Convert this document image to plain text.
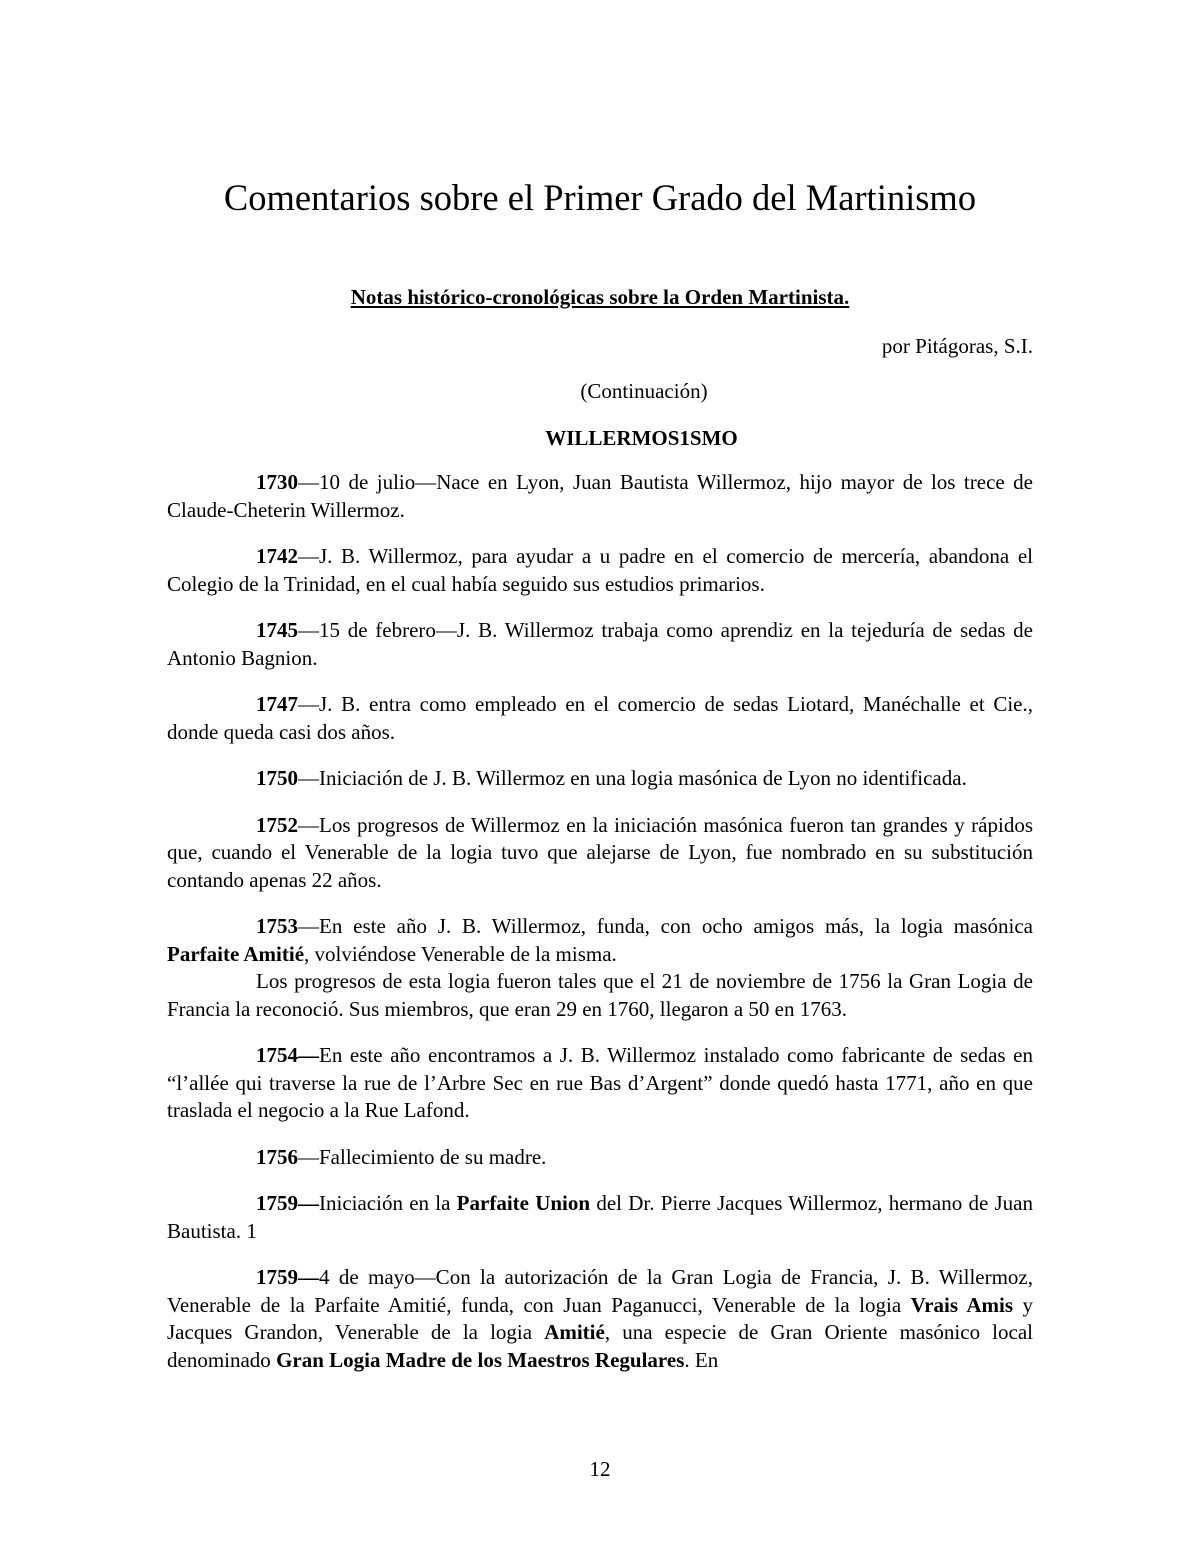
Comentarios sobre el Primer Grado del Martinismo
Notas histórico-cronológicas sobre la Orden Martinista.
por Pitágoras, S.I.
(Continuación)
WILLERMOS1SMO

1730—10 de julio—Nace en Lyon, Juan Bautista Willermoz, hijo mayor de los trece de Claude-Cheterin Willermoz.

1742—J. B. Willermoz, para ayudar a u padre en el comercio de mercería, abandona el Colegio de la Trinidad, en el cual había seguido sus estudios primarios.

1745—15 de febrero—J. B. Willermoz trabaja como aprendiz en la tejeduría de sedas de Antonio Bagnion.

1747—J. B. entra como empleado en el comercio de sedas Liotard, Manéchalle et Cie., donde queda casi dos años.

1750—Iniciación de J. B. Willermoz en una logia masónica de Lyon no identificada.

1752—Los progresos de Willermoz en la iniciación masónica fueron tan grandes y rápidos que, cuando el Venerable de la logia tuvo que alejarse de Lyon, fue nombrado en su substitución contando apenas 22 años.

1753—En este año J. B. Willermoz, funda, con ocho amigos más, la logia masónica Parfaite Amitié, volviéndose Venerable de la misma.

Los progresos de esta logia fueron tales que el 21 de noviembre de 1756 la Gran Logia de Francia la reconoció. Sus miembros, que eran 29 en 1760, llegaron a 50 en 1763.

1754—En este año encontramos a J. B. Willermoz instalado como fabricante de sedas en “l’allée qui traverse la rue de l’Arbre Sec en rue Bas d’Argent” donde quedó hasta 1771, año en que traslada el negocio a la Rue Lafond.

1756—Fallecimiento de su madre.

1759—Iniciación en la Parfaite Union del Dr. Pierre Jacques Willermoz, hermano de Juan Bautista. 1

1759—4 de mayo—Con la autorización de la Gran Logia de Francia, J. B. Willermoz, Venerable de la Parfaite Amitié, funda, con Juan Paganucci, Venerable de la logia Vrais Amis y Jacques Grandon, Venerable de la logia Amitié, una especie de Gran Oriente masónico local denominado Gran Logia Madre de los Maestros Regulares. En

12
